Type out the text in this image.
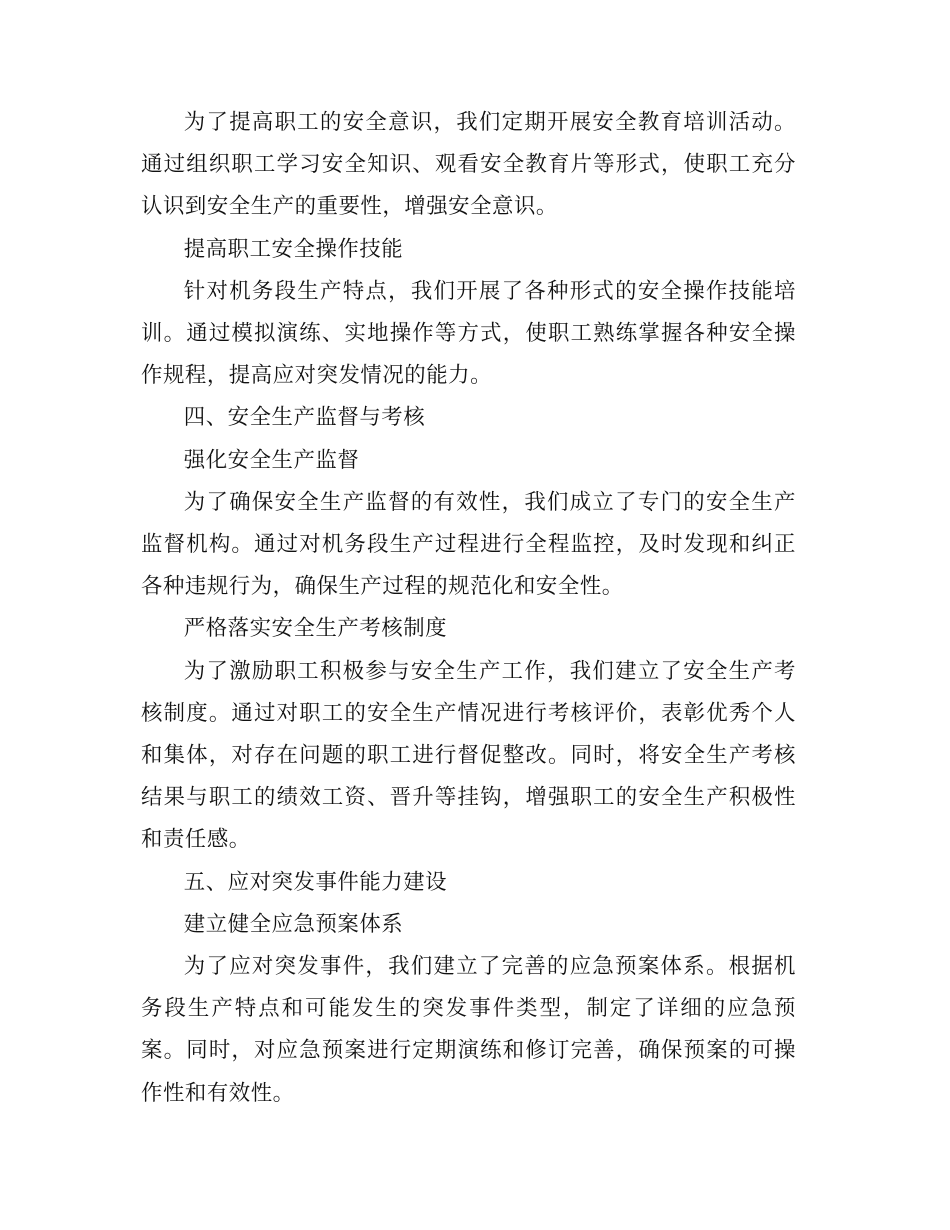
为了提高职工的安全意识，我们定期开展安全教育培训活动。通过组织职工学习安全知识、观看安全教育片等形式，使职工充分认识到安全生产的重要性，增强安全意识。

提高职工安全操作技能

针对机务段生产特点，我们开展了各种形式的安全操作技能培训。通过模拟演练、实地操作等方式，使职工熟练掌握各种安全操作规程，提高应对突发情况的能力。

四、安全生产监督与考核

强化安全生产监督

为了确保安全生产监督的有效性，我们成立了专门的安全生产监督机构。通过对机务段生产过程进行全程监控，及时发现和纠正各种违规行为，确保生产过程的规范化和安全性。

严格落实安全生产考核制度

为了激励职工积极参与安全生产工作，我们建立了安全生产考核制度。通过对职工的安全生产情况进行考核评价，表彰优秀个人和集体，对存在问题的职工进行督促整改。同时，将安全生产考核结果与职工的绩效工资、晋升等挂钩，增强职工的安全生产积极性和责任感。

五、应对突发事件能力建设

建立健全应急预案体系

为了应对突发事件，我们建立了完善的应急预案体系。根据机务段生产特点和可能发生的突发事件类型，制定了详细的应急预案。同时，对应急预案进行定期演练和修订完善，确保预案的可操作性和有效性。
